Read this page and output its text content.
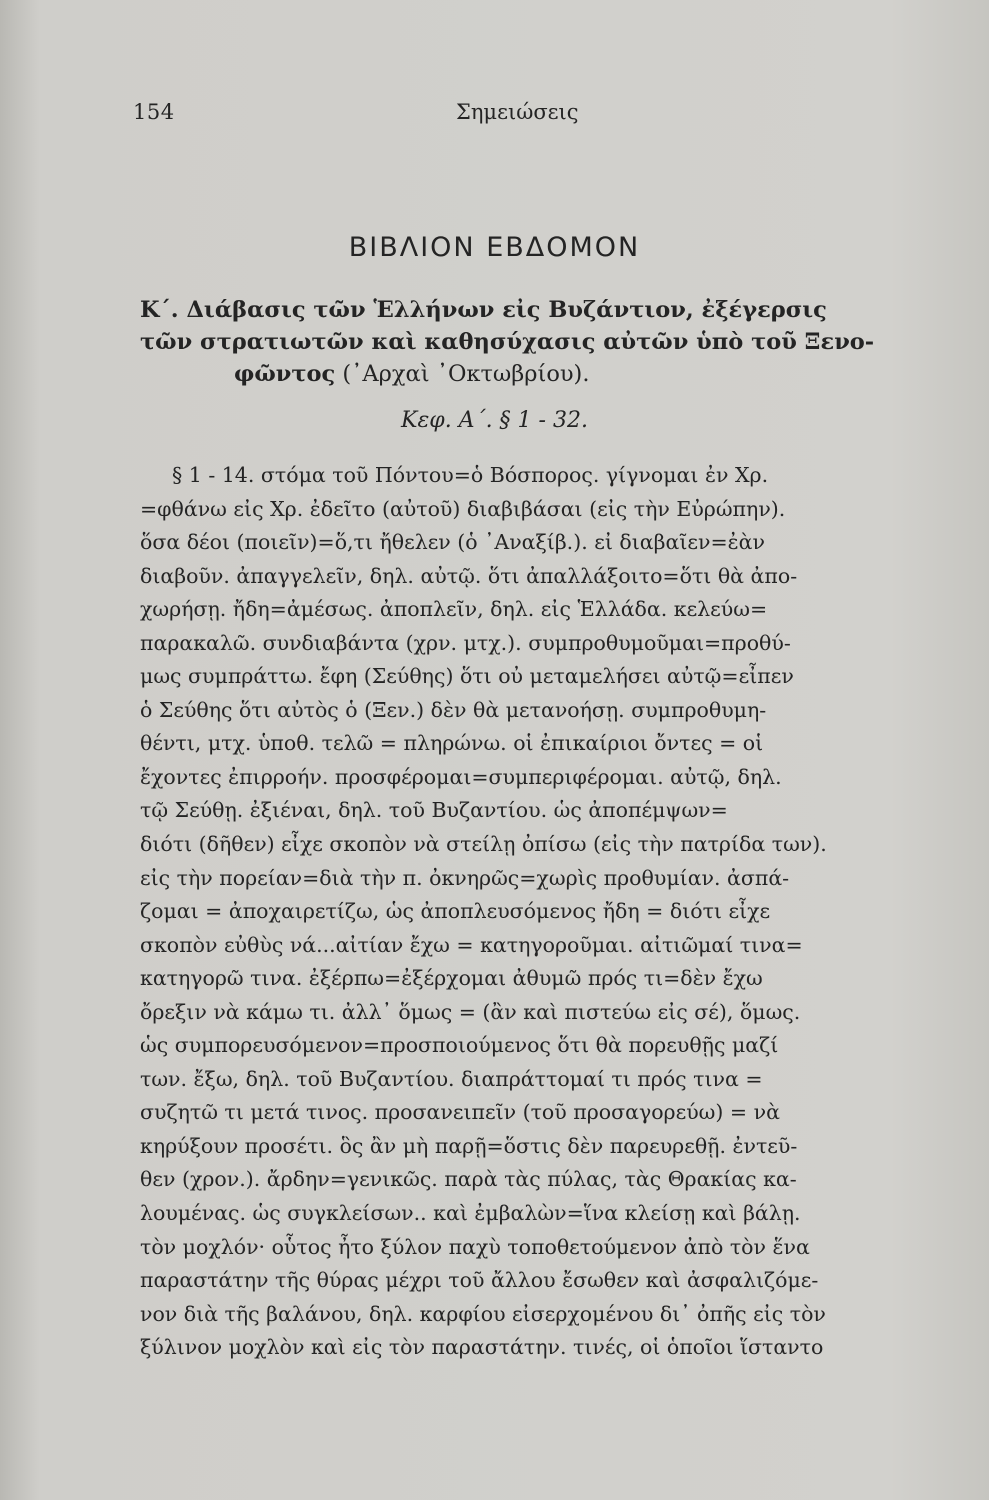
154	Σημειώσεις
ΒΙΒΛΙΟΝ ΕΒΔΟΜΟΝ
Κ΄. Διάβασις τῶν Ἑλλήνων εἰς Βυζάντιον, ἐξέγερσις
τῶν στρατιωτῶν καὶ καθησύχασις αὐτῶν ὑπὸ τοῦ Ξενο-
φῶντος (᾿Αρχαὶ ᾿Οκτωβρίου).
Κεφ. Α΄. § 1 - 32.
§ 1 - 14. στόμα τοῦ Πόντου=ὁ Βόσπορος. γίγνομαι ἐν Χρ.
=φθάνω εἰς Χρ. ἐδεῖτο (αὐτοῦ) διαβιβάσαι (εἰς τὴν Εὐρώπην).
ὅσα δέοι (ποιεῖν)=ὅ,τι ἤθελεν (ὁ ᾿Αναξίβ.). εἰ διαβαῖεν=ἐὰν
διαβοῦν. ἀπαγγελεῖν, δηλ. αὐτῷ. ὅτι ἀπαλλάξοιτο=ὅτι θὰ ἀπο-
χωρήσῃ. ἤδη=ἀμέσως. ἀποπλεῖν, δηλ. εἰς Ἑλλάδα. κελεύω=
παρακαλῶ. συνδιαβάντα (χρν. μτχ.). συμπροθυμοῦμαι=προθύ-
μως συμπράττω. ἔφη (Σεύθης) ὅτι οὐ μεταμελήσει αὐτῷ=εἶπεν
ὁ Σεύθης ὅτι αὐτὸς ὁ (Ξεν.) δὲν θὰ μετανοήσῃ. συμπροθυμη-
θέντι, μτχ. ὑποθ. τελῶ = πληρώνω. οἱ ἐπικαίριοι ὄντες = οἱ
ἔχοντες ἐπιρροήν. προσφέρομαι=συμπεριφέρομαι. αὐτῷ, δηλ.
τῷ Σεύθῃ. ἐξιέναι, δηλ. τοῦ Βυζαντίου. ὡς ἀποπέμψων=
διότι (δῆθεν) εἶχε σκοπὸν νὰ στείλῃ ὀπίσω (εἰς τὴν πατρίδα των).
εἰς τὴν πορείαν=διὰ τὴν π. ὀκνηρῶς=χωρὶς προθυμίαν. ἀσπά-
ζομαι = ἀποχαιρετίζω, ὡς ἀποπλευσόμενος ἤδη = διότι εἶχε
σκοπὸν εὐθὺς νά...αἰτίαν ἔχω = κατηγοροῦμαι. αἰτιῶμαί τινα=
κατηγορῶ τινα. ἐξέρπω=ἐξέρχομαι ἀθυμῶ πρός τι=δὲν ἔχω
ὄρεξιν νὰ κάμω τι. ἀλλ᾿ ὅμως = (ἂν καὶ πιστεύω εἰς σέ), ὅμως.
ὡς συμπορευσόμενον=προσποιούμενος ὅτι θὰ πορευθῇς μαζί
των. ἔξω, δηλ. τοῦ Βυζαντίου. διαπράττομαί τι πρός τινα =
συζητῶ τι μετά τινος. προσανειπεῖν (τοῦ προσαγορεύω) = νὰ
κηρύξουν προσέτι. ὃς ἂν μὴ παρῇ=ὅστις δὲν παρευρεθῇ. ἐντεῦ-
θεν (χρον.). ἄρδην=γενικῶς. παρὰ τὰς πύλας, τὰς Θρακίας κα-
λουμένας. ὡς συγκλείσων.. καὶ ἐμβαλὼν=ἵνα κλείσῃ καὶ βάλῃ.
τὸν μοχλόν· οὗτος ἦτο ξύλον παχὺ τοποθετούμενον ἀπὸ τὸν ἕνα
παραστάτην τῆς θύρας μέχρι τοῦ ἄλλου ἔσωθεν καὶ ἀσφαλιζόμε-
νον διὰ τῆς βαλάνου, δηλ. καρφίου εἰσερχομένου δι᾿ ὀπῆς εἰς τὸν
ξύλινον μοχλὸν καὶ εἰς τὸν παραστάτην. τινές, οἱ ὁποῖοι ἵσταντο
